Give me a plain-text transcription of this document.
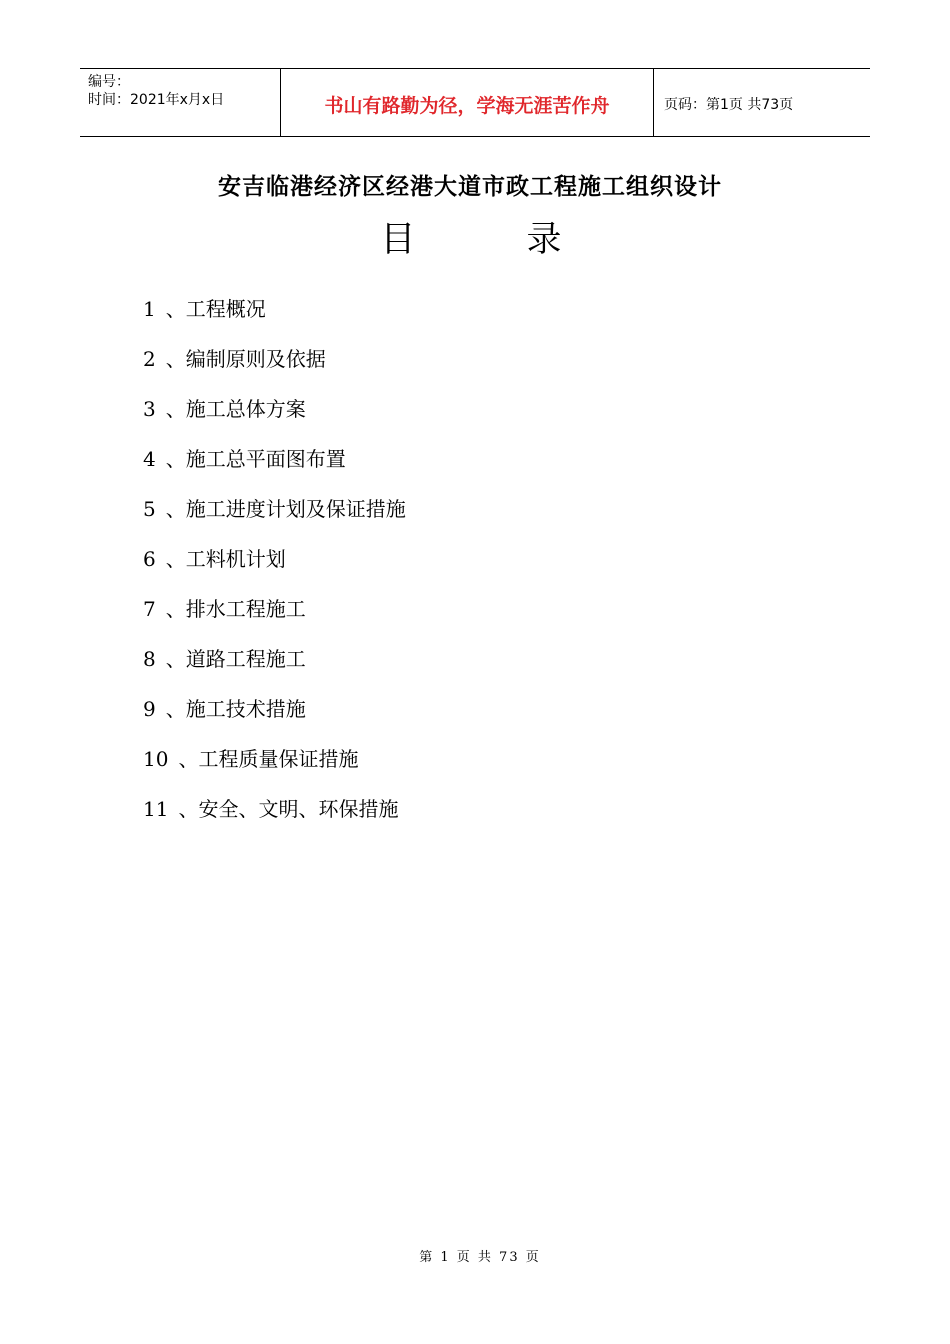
编号：
时间：2021年x月x日	书山有路勤为径，学海无涯苦作舟	页码：第1页 共73页
安吉临港经济区经港大道市政工程施工组织设计
目 录
1 、工程概况
2 、编制原则及依据
3 、施工总体方案
4 、施工总平面图布置
5 、施工进度计划及保证措施
6 、工料机计划
7 、排水工程施工
8 、道路工程施工
9 、施工技术措施
10 、工程质量保证措施
11 、安全、文明、环保措施
第 1 页 共 73 页
